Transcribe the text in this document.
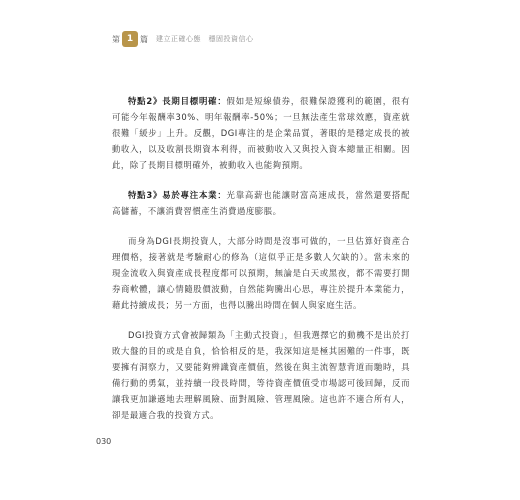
第 1 篇 建立正確心態　穩固投資信心

特點2》長期目標明確：假如是短線債券，很難保證獲利的範圍，很有可能今年報酬率30%、明年報酬率-50%；一旦無法產生常球效應，資產就很難「緩步」上升。反觀，DGI專注的是企業品質，著眼的是穩定成長的被動收入，以及收割長期資本利得，而被動收入又與投入資本總量正相關。因此，除了長期目標明確外，被動收入也能夠預期。

特點3》易於專注本業：光靠高薪也能讓財富高速成長，當然還要搭配高儲蓄，不讓消費習慣產生消費過度膨脹。

而身為DGI長期投資人，大部分時間是沒事可做的，一旦估算好資產合理價格，接著就是考驗耐心的修為（這似乎正是多數人欠缺的）。當未來的現金流收入與資產成長程度都可以預期，無論是白天或黑夜，都不需要打開券商軟體，讓心情隨股價波動，自然能夠騰出心思，專注於提升本業能力，藉此持續成長；另一方面，也得以騰出時間在個人與家庭生活。

DGI投資方式會被歸類為「主動式投資」，但我選擇它的動機不是出於打敗大盤的目的或是自負，恰恰相反的是，我深知這是極其困難的一件事，既要擁有洞察力，又要能夠辨識資產價值，然後在與主流智慧背道而馳時，具備行動的勇氣，並持續一段長時間，等待資產價值受市場認可後回歸，反而讓我更加謙遜地去理解風險、面對風險、管理風險。這也許不適合所有人，卻是最適合我的投資方式。

030
